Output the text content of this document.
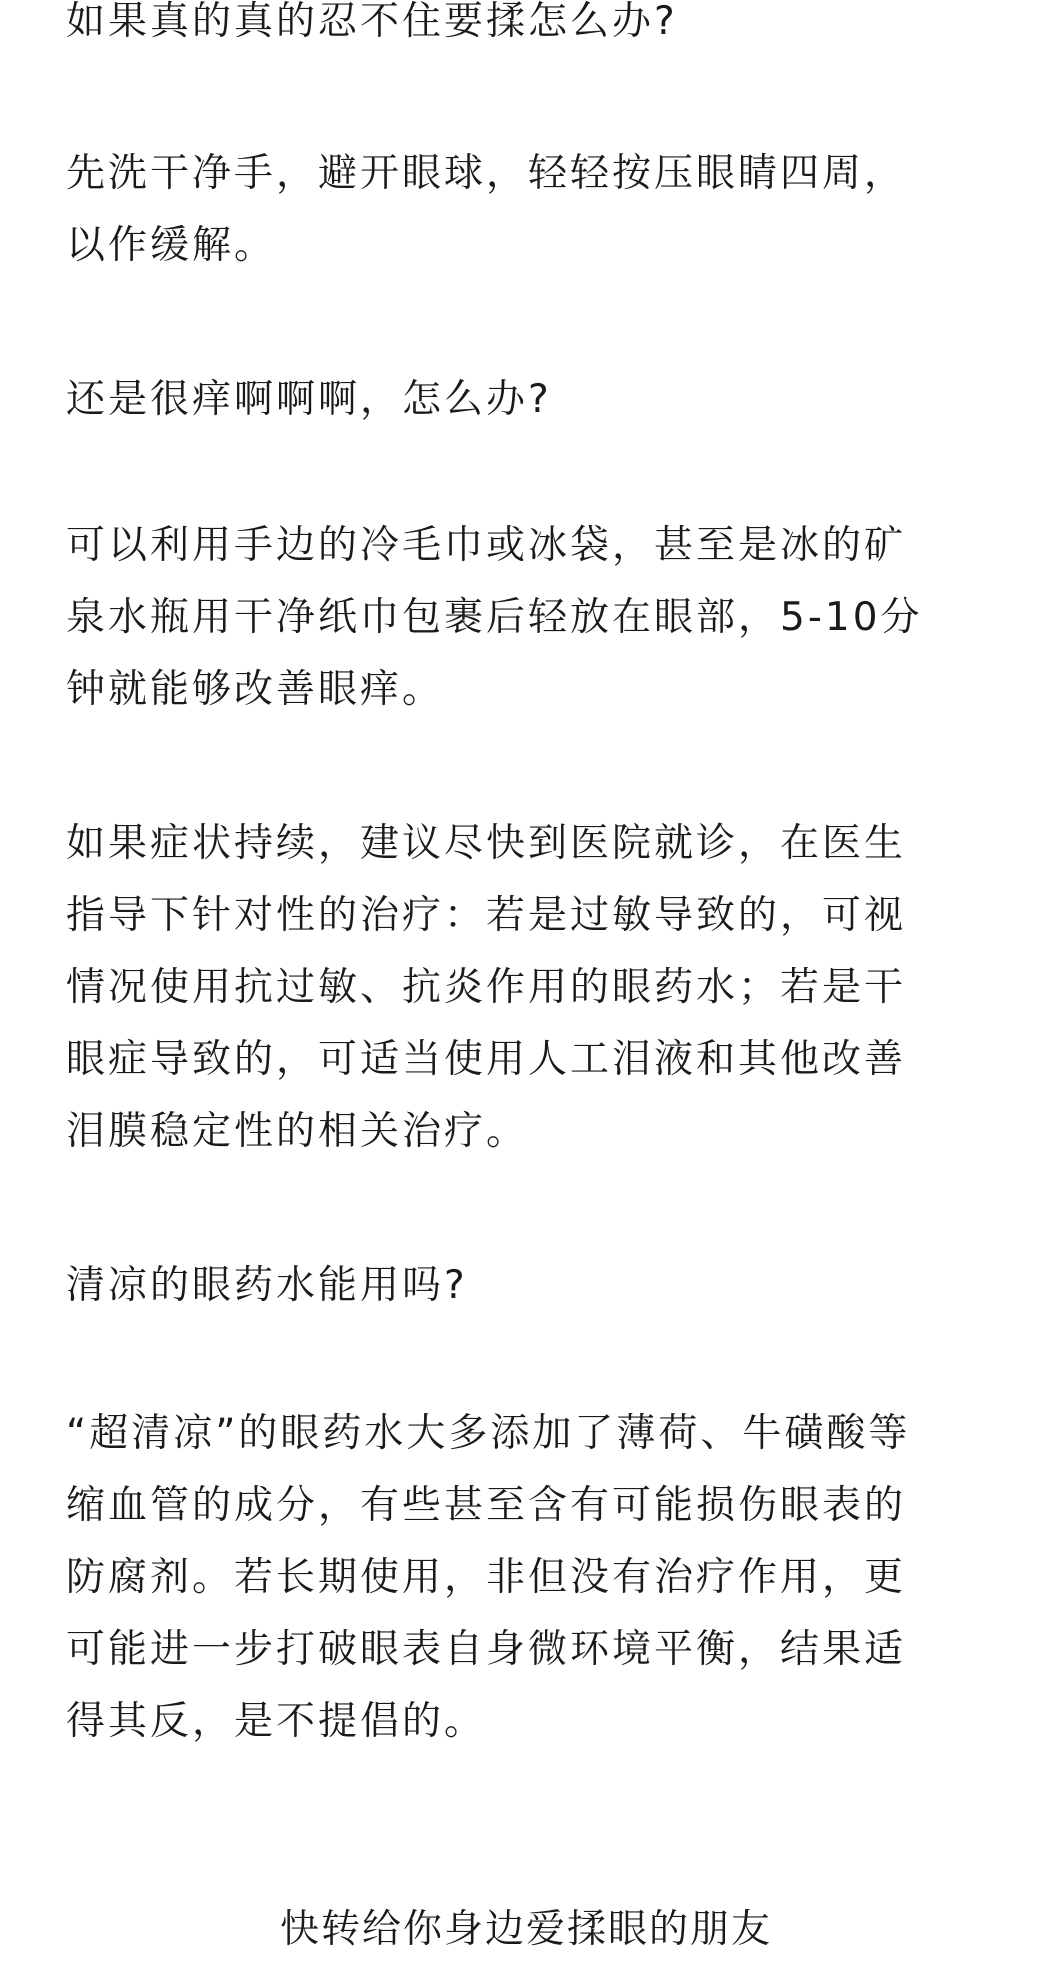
如果真的真的忍不住要揉怎么办?

先洗干净手，避开眼球，轻轻按压眼睛四周，
以作缓解。

还是很痒啊啊啊，怎么办?

可以利用手边的冷毛巾或冰袋，甚至是冰的矿
泉水瓶用干净纸巾包裹后轻放在眼部，5-10分
钟就能够改善眼痒。

如果症状持续，建议尽快到医院就诊，在医生
指导下针对性的治疗：若是过敏导致的，可视
情况使用抗过敏、抗炎作用的眼药水；若是干
眼症导致的，可适当使用人工泪液和其他改善
泪膜稳定性的相关治疗。

清凉的眼药水能用吗?

“超清凉”的眼药水大多添加了薄荷、牛磺酸等
缩血管的成分，有些甚至含有可能损伤眼表的
防腐剂。若长期使用，非但没有治疗作用，更
可能进一步打破眼表自身微环境平衡，结果适
得其反，是不提倡的。

快转给你身边爱揉眼的朋友
